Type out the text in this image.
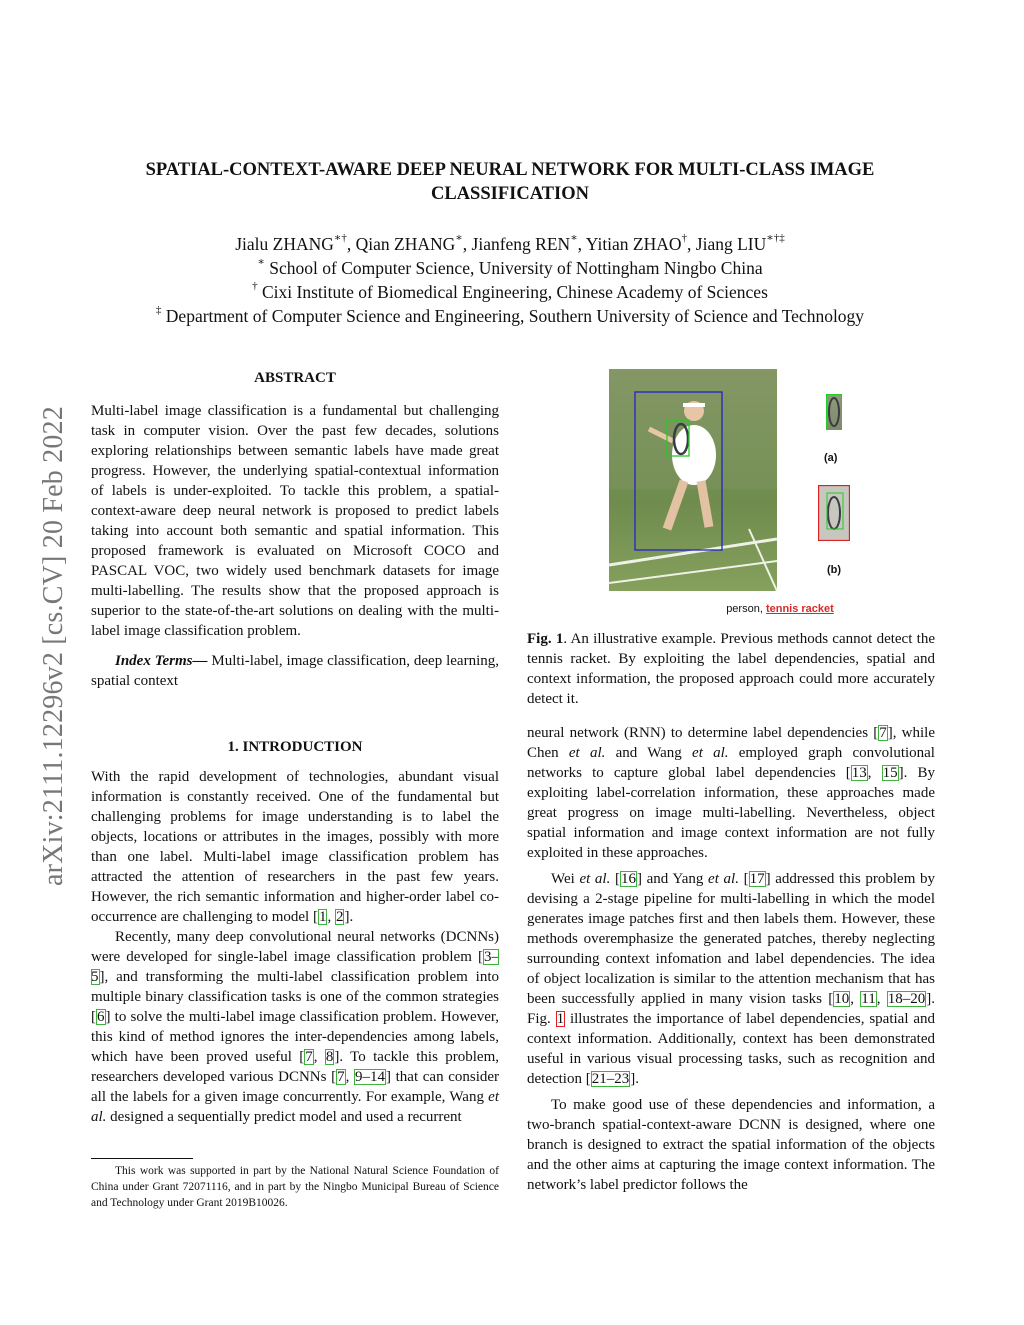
arXiv:2111.12296v2 [cs.CV] 20 Feb 2022
SPATIAL-CONTEXT-AWARE DEEP NEURAL NETWORK FOR MULTI-CLASS IMAGE
CLASSIFICATION
Jialu ZHANG∗†, Qian ZHANG∗, Jianfeng REN∗, Yitian ZHAO†, Jiang LIU∗†‡
∗ School of Computer Science, University of Nottingham Ningbo China
† Cixi Institute of Biomedical Engineering, Chinese Academy of Sciences
‡ Department of Computer Science and Engineering, Southern University of Science and Technology
ABSTRACT

Multi-label image classification is a fundamental but challenging task in computer vision. Over the past few decades, solutions exploring relationships between semantic labels have made great progress. However, the underlying spatial-contextual information of labels is under-exploited. To tackle this problem, a spatial-context-aware deep neural network is proposed to predict labels taking into account both semantic and spatial information. This proposed framework is evaluated on Microsoft COCO and PASCAL VOC, two widely used benchmark datasets for image multi-labelling. The results show that the proposed approach is superior to the state-of-the-art solutions on dealing with the multi-label image classification problem.

Index Terms— Multi-label, image classification, deep learning, spatial context

1. INTRODUCTION

With the rapid development of technologies, abundant visual information is constantly received. One of the fundamental but challenging problems for image understanding is to label the objects, locations or attributes in the images, possibly with more than one label. Multi-label image classification problem has attracted the attention of researchers in the past few years. However, the rich semantic information and higher-order label co-occurrence are challenging to model [1, 2].

Recently, many deep convolutional neural networks (DCNNs) were developed for single-label image classification problem [3–5], and transforming the multi-label classification problem into multiple binary classification tasks is one of the common strategies [6] to solve the multi-label image classification problem. However, this kind of method ignores the inter-dependencies among labels, which have been proved useful [7, 8]. To tackle this problem, researchers developed various DCNNs [7, 9–14] that can consider all the labels for a given image concurrently. For example, Wang et al. designed a sequentially predict model and used a recurrent

This work was supported in part by the National Natural Science Foundation of China under Grant 72071116, and in part by the Ningbo Municipal Bureau of Science and Technology under Grant 2019B10026.
(a)
(b)
person, tennis racket

Fig. 1. An illustrative example. Previous methods cannot detect the tennis racket. By exploiting the label dependencies, spatial and context information, the proposed approach could more accurately detect it.

neural network (RNN) to determine label dependencies [7], while Chen et al. and Wang et al. employed graph convolutional networks to capture global label dependencies [13, 15]. By exploiting label-correlation information, these approaches made great progress on image multi-labelling. Nevertheless, object spatial information and image context information are not fully exploited in these approaches.

Wei et al. [16] and Yang et al. [17] addressed this problem by devising a 2-stage pipeline for multi-labelling in which the model generates image patches first and then labels them. However, these methods overemphasize the generated patches, thereby neglecting surrounding context infomation and label dependencies. The idea of object localization is similar to the attention mechanism that has been successfully applied in many vision tasks [10, 11, 18–20]. Fig. 1 illustrates the importance of label dependencies, spatial and context information. Additionally, context has been demonstrated useful in various visual processing tasks, such as recognition and detection [21–23].

To make good use of these dependencies and information, a two-branch spatial-context-aware DCNN is designed, where one branch is designed to extract the spatial information of the objects and the other aims at capturing the image context information. The network’s label predictor follows the
